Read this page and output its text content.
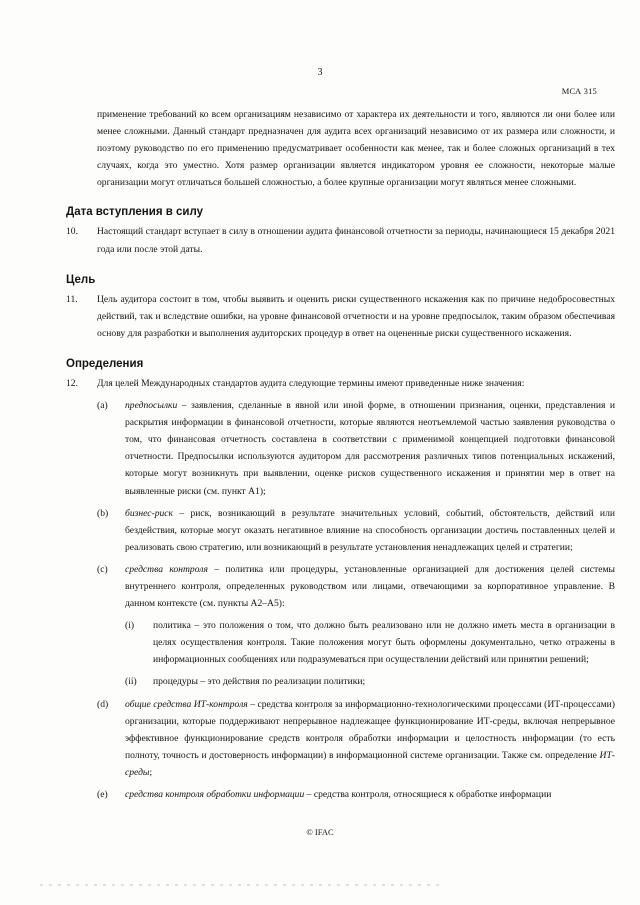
3
МСА 315

применение требований ко всем организациям независимо от характера их деятельности и того, являются ли они более или менее сложными. Данный стандарт предназначен для аудита всех организаций независимо от их размера или сложности, и поэтому руководство по его применению предусматривает особенности как менее, так и более сложных организаций в тех случаях, когда это уместно. Хотя размер организации является индикатором уровня ее сложности, некоторые малые организации могут отличаться большей сложностью, а более крупные организации могут являться менее сложными.

Дата вступления в силу
10.	Настоящий стандарт вступает в силу в отношении аудита финансовой отчетности за периоды, начинающиеся 15 декабря 2021 года или после этой даты.
Цель
11.	Цель аудитора состоит в том, чтобы выявить и оценить риски существенного искажения как по причине недобросовестных действий, так и вследствие ошибки, на уровне финансовой отчетности и на уровне предпосылок, таким образом обеспечивая основу для разработки и выполнения аудиторских процедур в ответ на оцененные риски существенного искажения.
Определения
12.	Для целей Международных стандартов аудита следующие термины имеют приведенные ниже значения:
(a)	предпосылки – заявления, сделанные в явной или иной форме, в отношении признания, оценки, представления и раскрытия информации в финансовой отчетности, которые являются неотъемлемой частью заявления руководства о том, что финансовая отчетность составлена в соответствии с применимой концепцией подготовки финансовой отчетности. Предпосылки используются аудитором для рассмотрения различных типов потенциальных искажений, которые могут возникнуть при выявлении, оценке рисков существенного искажения и принятии мер в ответ на выявленные риски (см. пункт A1);
(b)	бизнес-риск – риск, возникающий в результате значительных условий, событий, обстоятельств, действий или бездействия, которые могут оказать негативное влияние на способность организации достичь поставленных целей и реализовать свою стратегию, или возникающий в результате установления ненадлежащих целей и стратегии;
(c)	средства контроля – политика или процедуры, установленные организацией для достижения целей системы внутреннего контроля, определенных руководством или лицами, отвечающими за корпоративное управление. В данном контексте (см. пункты A2–A5):
(i)	политика – это положения о том, что должно быть реализовано или не должно иметь места в организации в целях осуществления контроля. Такие положения могут быть оформлены документально, четко отражены в информационных сообщениях или подразумеваться при осуществлении действий или принятии решений;
(ii)	процедуры – это действия по реализации политики;
(d)	общие средства ИТ-контроля – средства контроля за информационно-технологическими процессами (ИТ-процессами) организации, которые поддерживают непрерывное надлежащее функционирование ИТ-среды, включая непрерывное эффективное функционирование средств контроля обработки информации и целостность информации (то есть полноту, точность и достоверность информации) в информационной системе организации. Также см. определение ИТ-среды;
(e)	средства контроля обработки информации – средства контроля, относящиеся к обработке информации
© IFAC
